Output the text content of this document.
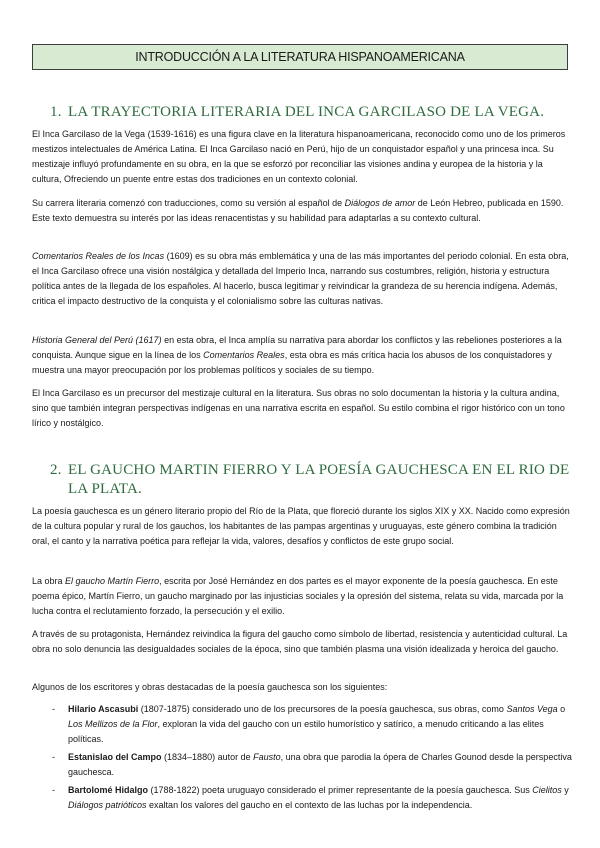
INTRODUCCIÓN A LA LITERATURA HISPANOAMERICANA
1. LA TRAYECTORIA LITERARIA DEL INCA GARCILASO DE LA VEGA.

El Inca Garcilaso de la Vega (1539-1616) es una figura clave en la literatura hispanoamericana, reconocido como uno de los primeros mestizos intelectuales de América Latina. El Inca Garcilaso nació en Perú, hijo de un conquistador español y una princesa inca. Su mestizaje influyó profundamente en su obra, en la que se esforzó por reconciliar las visiones andina y europea de la historia y la cultura, Ofreciendo un puente entre estas dos tradiciones en un contexto colonial.

Su carrera literaria comenzó con traducciones, como su versión al español de Diálogos de amor de León Hebreo, publicada en 1590. Este texto demuestra su interés por las ideas renacentistas y su habilidad para adaptarlas a su contexto cultural.

Comentarios Reales de los Incas (1609) es su obra más emblemática y una de las más importantes del periodo colonial. En esta obra, el Inca Garcilaso ofrece una visión nostálgica y detallada del Imperio Inca, narrando sus costumbres, religión, historia y estructura política antes de la llegada de los españoles. Al hacerlo, busca legitimar y reivindicar la grandeza de su herencia indígena. Además, critica el impacto destructivo de la conquista y el colonialismo sobre las culturas nativas.

Historia General del Perú (1617) en esta obra, el Inca amplía su narrativa para abordar los conflictos y las rebeliones posteriores a la conquista. Aunque sigue en la línea de los Comentarios Reales, esta obra es más crítica hacia los abusos de los conquistadores y muestra una mayor preocupación por los problemas políticos y sociales de su tiempo.

El Inca Garcilaso es un precursor del mestizaje cultural en la literatura. Sus obras no solo documentan la historia y la cultura andina, sino que también integran perspectivas indígenas en una narrativa escrita en español. Su estilo combina el rigor histórico con un tono lírico y nostálgico.

2. EL GAUCHO MARTIN FIERRO Y LA POESÍA GAUCHESCA EN EL RIO DE
LA PLATA.

La poesía gauchesca es un género literario propio del Río de la Plata, que floreció durante los siglos XIX y XX. Nacido como expresión de la cultura popular y rural de los gauchos, los habitantes de las pampas argentinas y uruguayas, este género combina la tradición oral, el canto y la narrativa poética para reflejar la vida, valores, desafíos y conflictos de este grupo social.

La obra El gaucho Martín Fierro, escrita por José Hernández en dos partes es el mayor exponente de la poesía gauchesca. En este poema épico, Martín Fierro, un gaucho marginado por las injusticias sociales y la opresión del sistema, relata su vida, marcada por la lucha contra el reclutamiento forzado, la persecución y el exilio.

A través de su protagonista, Hernández reivindica la figura del gaucho como símbolo de libertad, resistencia y autenticidad cultural. La obra no solo denuncia las desigualdades sociales de la época, sino que también plasma una visión idealizada y heroica del gaucho.

Algunos de los escritores y obras destacadas de la poesía gauchesca son los siguientes:

- Hilario Ascasubi (1807-1875) considerado uno de los precursores de la poesía gauchesca, sus obras, como Santos Vega o Los Mellizos de la Flor, exploran la vida del gaucho con un estilo humorístico y satírico, a menudo criticando a las elites políticas.
- Estanislao del Campo (1834–1880) autor de Fausto, una obra que parodia la ópera de Charles Gounod desde la perspectiva gauchesca.
- Bartolomé Hidalgo (1788-1822) poeta uruguayo considerado el primer representante de la poesía gauchesca. Sus Cielitos y Diálogos patrióticos exaltan los valores del gaucho en el contexto de las luchas por la independencia.
